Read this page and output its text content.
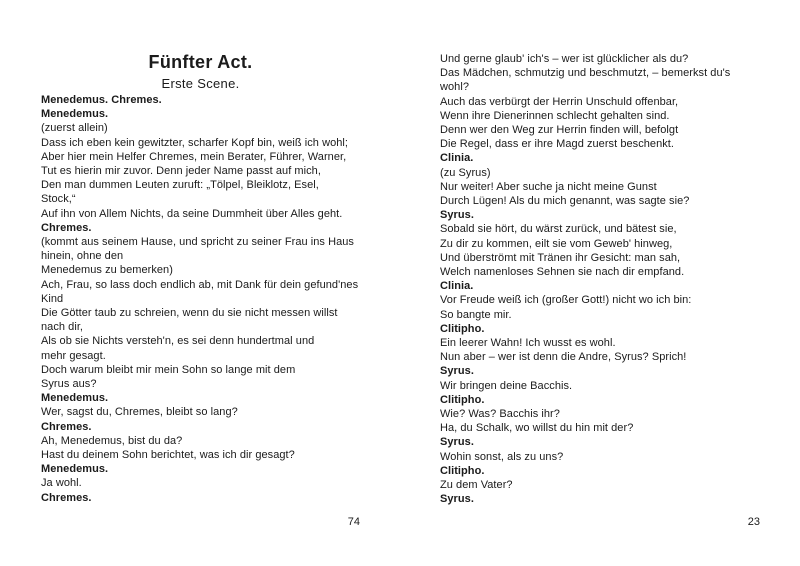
Fünfter Act.
Erste Scene.
Menedemus. Chremes.
Menedemus.
(zuerst allein)
Dass ich eben kein gewitzter, scharfer Kopf bin, weiß ich wohl;
Aber hier mein Helfer Chremes, mein Berater, Führer, Warner,
Tut es hierin mir zuvor. Denn jeder Name passt auf mich,
Den man dummen Leuten zuruft: „Tölpel, Bleiklotz, Esel,
Stock,“
Auf ihn von Allem Nichts, da seine Dummheit über Alles geht.
Chremes.
(kommt aus seinem Hause, und spricht zu seiner Frau ins Haus
hinein, ohne den
Menedemus zu bemerken)
Ach, Frau, so lass doch endlich ab, mit Dank für dein gefund'nes
Kind
Die Götter taub zu schreien, wenn du sie nicht messen willst
nach dir,
Als ob sie Nichts versteh'n, es sei denn hundertmal und
mehr gesagt.
Doch warum bleibt mir mein Sohn so lange mit dem
Syrus aus?
Menedemus.
Wer, sagst du, Chremes, bleibt so lang?
Chremes.
Ah, Menedemus, bist du da?
Hast du deinem Sohn berichtet, was ich dir gesagt?
Menedemus.
Ja wohl.
Chremes.
Und gerne glaub' ich's – wer ist glücklicher als du?
Das Mädchen, schmutzig und beschmutzt, – bemerkst du's
wohl?
Auch das verbürgt der Herrin Unschuld offenbar,
Wenn ihre Dienerinnen schlecht gehalten sind.
Denn wer den Weg zur Herrin finden will, befolgt
Die Regel, dass er ihre Magd zuerst beschenkt.
Clinia.
(zu Syrus)
Nur weiter! Aber suche ja nicht meine Gunst
Durch Lügen! Als du mich genannt, was sagte sie?
Syrus.
Sobald sie hört, du wärst zurück, und bätest sie,
Zu dir zu kommen, eilt sie vom Geweb' hinweg,
Und überströmt mit Tränen ihr Gesicht: man sah,
Welch namenloses Sehnen sie nach dir empfand.
Clinia.
Vor Freude weiß ich (großer Gott!) nicht wo ich bin:
So bangte mir.
Clitipho.
Ein leerer Wahn! Ich wusst es wohl.
Nun aber – wer ist denn die Andre, Syrus? Sprich!
Syrus.
Wir bringen deine Bacchis.
Clitipho.
Wie? Was? Bacchis ihr?
Ha, du Schalk, wo willst du hin mit der?
Syrus.
Wohin sonst, als zu uns?
Clitipho.
Zu dem Vater?
Syrus.
74	23
